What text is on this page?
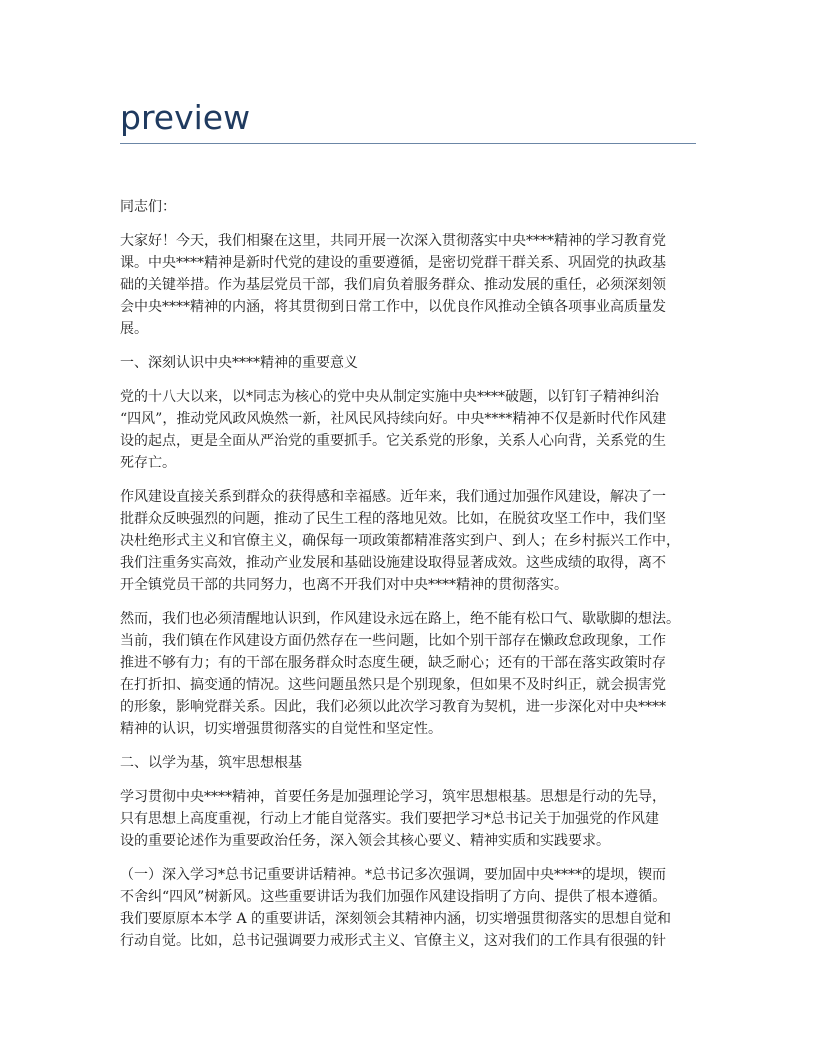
preview

同志们：

大家好！今天，我们相聚在这里，共同开展一次深入贯彻落实中央****精神的学习教育党
课。中央****精神是新时代党的建设的重要遵循，是密切党群干群关系、巩固党的执政基
础的关键举措。作为基层党员干部，我们肩负着服务群众、推动发展的重任，必须深刻领
会中央****精神的内涵，将其贯彻到日常工作中，以优良作风推动全镇各项事业高质量发
展。

一、深刻认识中央****精神的重要意义

党的十八大以来，以*同志为核心的党中央从制定实施中央****破题，以钉钉子精神纠治
“四风”，推动党风政风焕然一新，社风民风持续向好。中央****精神不仅是新时代作风建
设的起点，更是全面从严治党的重要抓手。它关系党的形象，关系人心向背，关系党的生
死存亡。

作风建设直接关系到群众的获得感和幸福感。近年来，我们通过加强作风建设，解决了一
批群众反映强烈的问题，推动了民生工程的落地见效。比如，在脱贫攻坚工作中，我们坚
决杜绝形式主义和官僚主义，确保每一项政策都精准落实到户、到人；在乡村振兴工作中，
我们注重务实高效，推动产业发展和基础设施建设取得显著成效。这些成绩的取得，离不
开全镇党员干部的共同努力，也离不开我们对中央****精神的贯彻落实。

然而，我们也必须清醒地认识到，作风建设永远在路上，绝不能有松口气、歇歇脚的想法。
当前，我们镇在作风建设方面仍然存在一些问题，比如个别干部存在懒政怠政现象，工作
推进不够有力；有的干部在服务群众时态度生硬，缺乏耐心；还有的干部在落实政策时存
在打折扣、搞变通的情况。这些问题虽然只是个别现象，但如果不及时纠正，就会损害党
的形象，影响党群关系。因此，我们必须以此次学习教育为契机，进一步深化对中央****
精神的认识，切实增强贯彻落实的自觉性和坚定性。

二、以学为基，筑牢思想根基

学习贯彻中央****精神，首要任务是加强理论学习，筑牢思想根基。思想是行动的先导，
只有思想上高度重视，行动上才能自觉落实。我们要把学习*总书记关于加强党的作风建
设的重要论述作为重要政治任务，深入领会其核心要义、精神实质和实践要求。

（一）深入学习*总书记重要讲话精神。*总书记多次强调，要加固中央****的堤坝，锲而
不舍纠“四风”树新风。这些重要讲话为我们加强作风建设指明了方向、提供了根本遵循。
我们要原原本本学 A 的重要讲话，深刻领会其精神内涵，切实增强贯彻落实的思想自觉和
行动自觉。比如，总书记强调要力戒形式主义、官僚主义，这对我们的工作具有很强的针
